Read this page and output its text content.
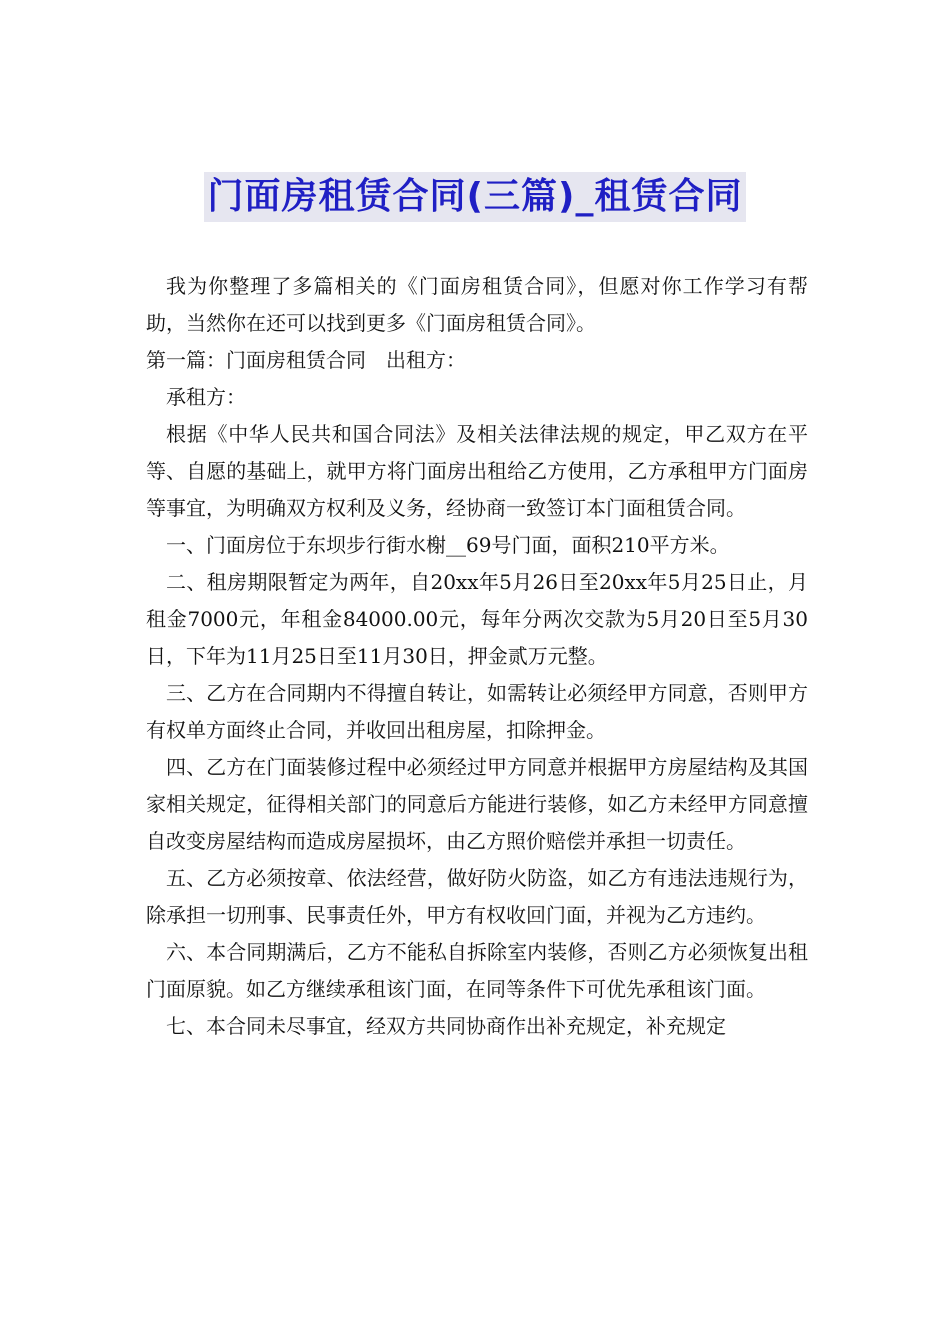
门面房租赁合同(三篇)_租赁合同

我为你整理了多篇相关的《门面房租赁合同》，但愿对你工作学习有帮助，当然你在还可以找到更多《门面房租赁合同》。

第一篇：门面房租赁合同 出租方：

承租方：

根据《中华人民共和国合同法》及相关法律法规的规定，甲乙双方在平等、自愿的基础上，就甲方将门面房出租给乙方使用，乙方承租甲方门面房等事宜，为明确双方权利及义务，经协商一致签订本门面租赁合同。

一、门面房位于东坝步行街水榭__69号门面，面积210平方米。

二、租房期限暂定为两年，自20xx年5月26日至20xx年5月25日止，月租金7000元，年租金84000.00元，每年分两次交款为5月20日至5月30日，下年为11月25日至11月30日，押金贰万元整。

三、乙方在合同期内不得擅自转让，如需转让必须经甲方同意，否则甲方有权单方面终止合同，并收回出租房屋，扣除押金。

四、乙方在门面装修过程中必须经过甲方同意并根据甲方房屋结构及其国家相关规定，征得相关部门的同意后方能进行装修，如乙方未经甲方同意擅自改变房屋结构而造成房屋损坏，由乙方照价赔偿并承担一切责任。

五、乙方必须按章、依法经营，做好防火防盗，如乙方有违法违规行为，除承担一切刑事、民事责任外，甲方有权收回门面，并视为乙方违约。

六、本合同期满后，乙方不能私自拆除室内装修，否则乙方必须恢复出租门面原貌。如乙方继续承租该门面，在同等条件下可优先承租该门面。

七、本合同未尽事宜，经双方共同协商作出补充规定，补充规定
